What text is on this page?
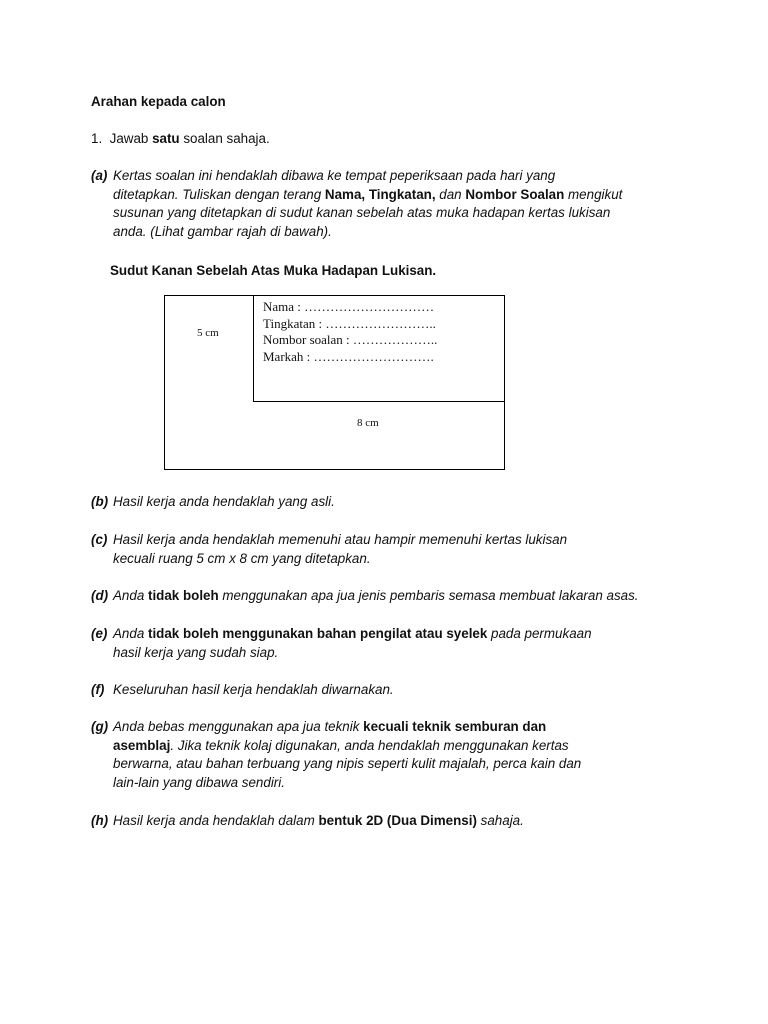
Arahan kepada calon
1. Jawab satu soalan sahaja.
(a) Kertas soalan ini hendaklah dibawa ke tempat peperiksaan pada hari yang
ditetapkan. Tuliskan dengan terang Nama, Tingkatan, dan Nombor Soalan mengikut
susunan yang ditetapkan di sudut kanan sebelah atas muka hadapan kertas lukisan
anda. (Lihat gambar rajah di bawah).
Sudut Kanan Sebelah Atas Muka Hadapan Lukisan.
Nama : …………………………
Tingkatan : ……………………..
Nombor soalan : ………………..
Markah : ……………………….
5 cm
8 cm
(b) Hasil kerja anda hendaklah yang asli.
(c) Hasil kerja anda hendaklah memenuhi atau hampir memenuhi kertas lukisan
kecuali ruang 5 cm x 8 cm yang ditetapkan.
(d) Anda tidak boleh menggunakan apa jua jenis pembaris semasa membuat lakaran asas.
(e) Anda tidak boleh menggunakan bahan pengilat atau syelek pada permukaan
hasil kerja yang sudah siap.
(f) Keseluruhan hasil kerja hendaklah diwarnakan.
(g) Anda bebas menggunakan apa jua teknik kecuali teknik semburan dan
asemblaj. Jika teknik kolaj digunakan, anda hendaklah menggunakan kertas
berwarna, atau bahan terbuang yang nipis seperti kulit majalah, perca kain dan
lain-lain yang dibawa sendiri.
(h) Hasil kerja anda hendaklah dalam bentuk 2D (Dua Dimensi) sahaja.
